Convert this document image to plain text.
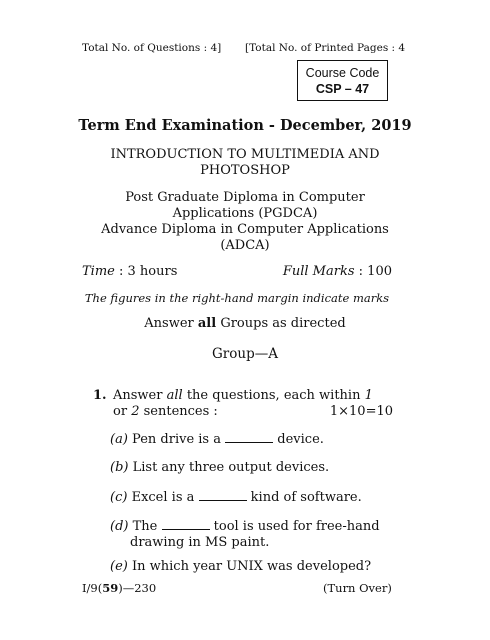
Total No. of Questions : 4] [Total No. of Printed Pages : 4
Course Code
CSP – 47
Term End Examination - December, 2019
INTRODUCTION TO MULTIMEDIA AND PHOTOSHOP
Post Graduate Diploma in Computer Applications (PGDCA)
Advance Diploma in Computer Applications (ADCA)
Time : 3 hours	Full Marks : 100
The figures in the right-hand margin indicate marks
Answer all Groups as directed
Group—A
1. Answer all the questions, each within 1
or 2 sentences :	1×10=10
(a) Pen drive is a	device.
(b) List any three output devices.
(c) Excel is a	kind of software.
(d) The	tool is used for free-hand drawing in MS paint.
(e) In which year UNIX was developed?
I/9(59)—230	(Turn Over)
